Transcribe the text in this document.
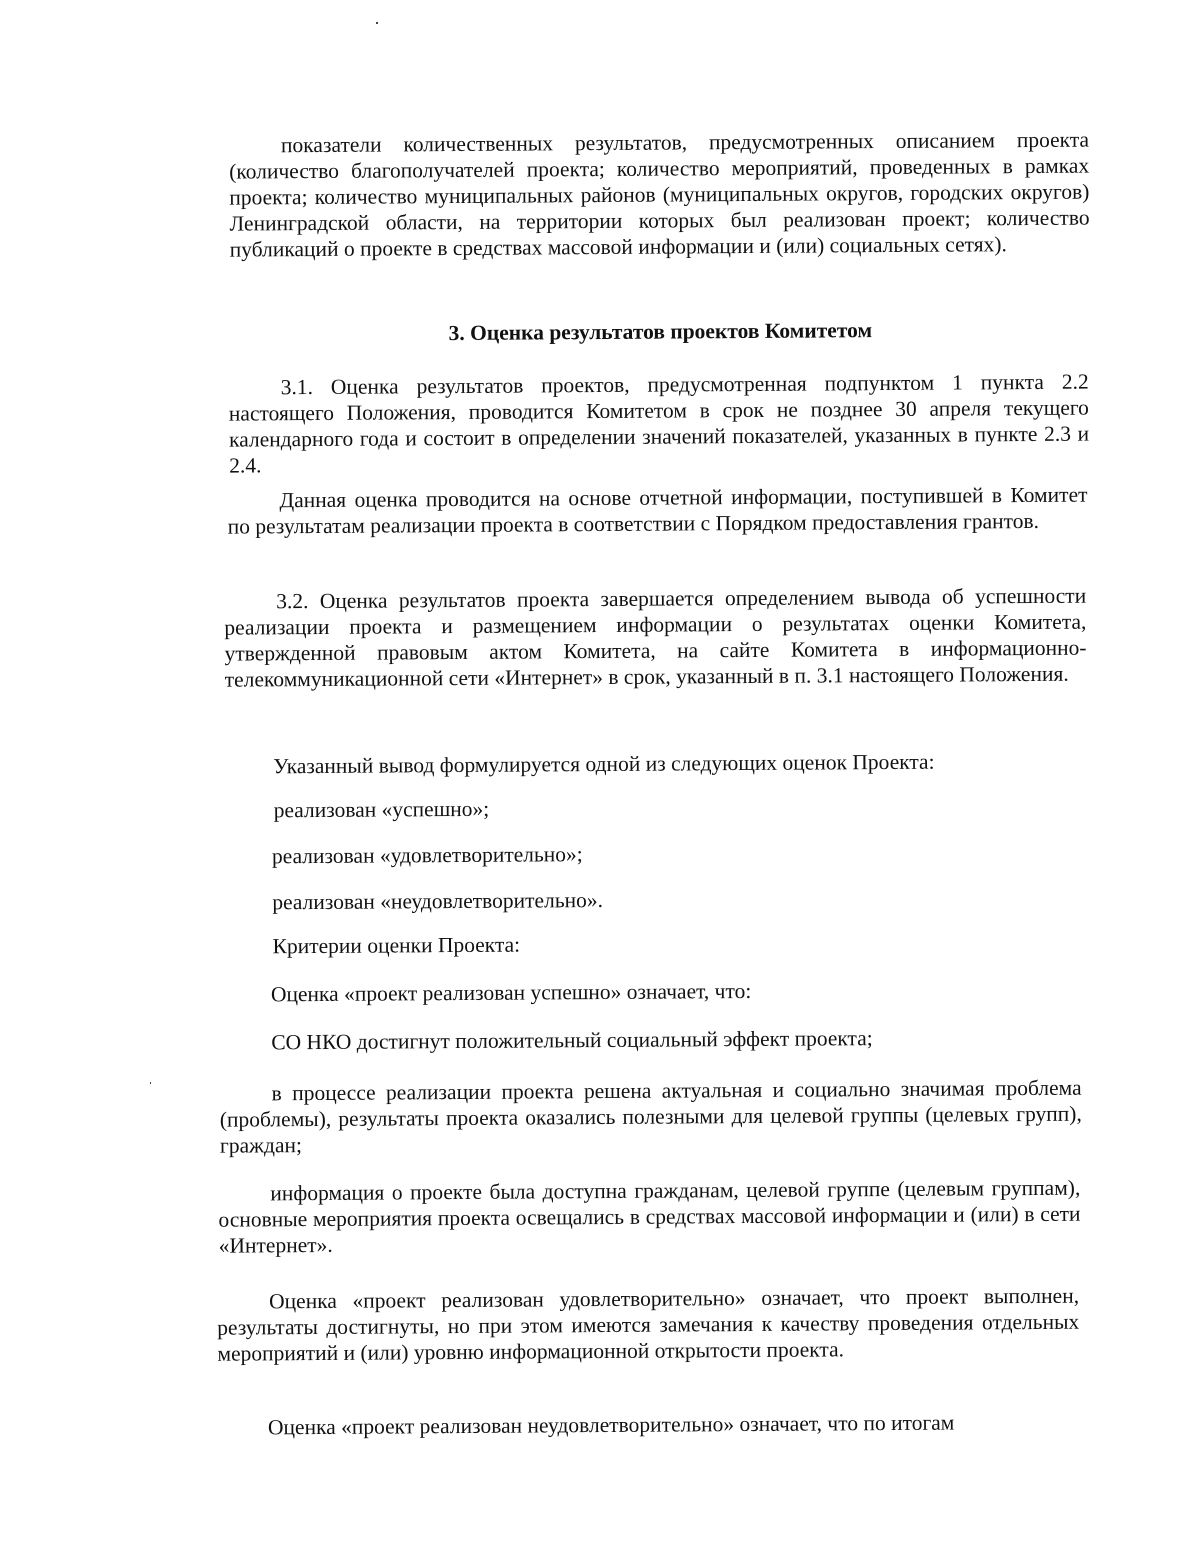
показатели количественных результатов, предусмотренных описанием проекта (количество благополучателей проекта; количество мероприятий, проведенных в рамках проекта; количество муниципальных районов (муниципальных округов, городских округов) Ленинградской области, на территории которых был реализован проект; количество публикаций о проекте в средствах массовой информации и (или) социальных сетях).

3. Оценка результатов проектов Комитетом

3.1. Оценка результатов проектов, предусмотренная подпунктом 1 пункта 2.2 настоящего Положения, проводится Комитетом в срок не позднее 30 апреля текущего календарного года и состоит в определении значений показателей, указанных в пункте 2.3 и 2.4.

Данная оценка проводится на основе отчетной информации, поступившей в Комитет по результатам реализации проекта в соответствии с Порядком предоставления грантов.

3.2. Оценка результатов проекта завершается определением вывода об успешности реализации проекта и размещением информации о результатах оценки Комитета, утвержденной правовым актом Комитета, на сайте Комитета в информационно-телекоммуникационной сети «Интернет» в срок, указанный в п. 3.1 настоящего Положения.

Указанный вывод формулируется одной из следующих оценок Проекта:

реализован «успешно»;

реализован «удовлетворительно»;

реализован «неудовлетворительно».

Критерии оценки Проекта:

Оценка «проект реализован успешно» означает, что:

СО НКО достигнут положительный социальный эффект проекта;

в процессе реализации проекта решена актуальная и социально значимая проблема (проблемы), результаты проекта оказались полезными для целевой группы (целевых групп), граждан;

информация о проекте была доступна гражданам, целевой группе (целевым группам), основные мероприятия проекта освещались в средствах массовой информации и (или) в сети «Интернет».

Оценка «проект реализован удовлетворительно» означает, что проект выполнен, результаты достигнуты, но при этом имеются замечания к качеству проведения отдельных мероприятий и (или) уровню информационной открытости проекта.

Оценка «проект реализован неудовлетворительно» означает, что по итогам
